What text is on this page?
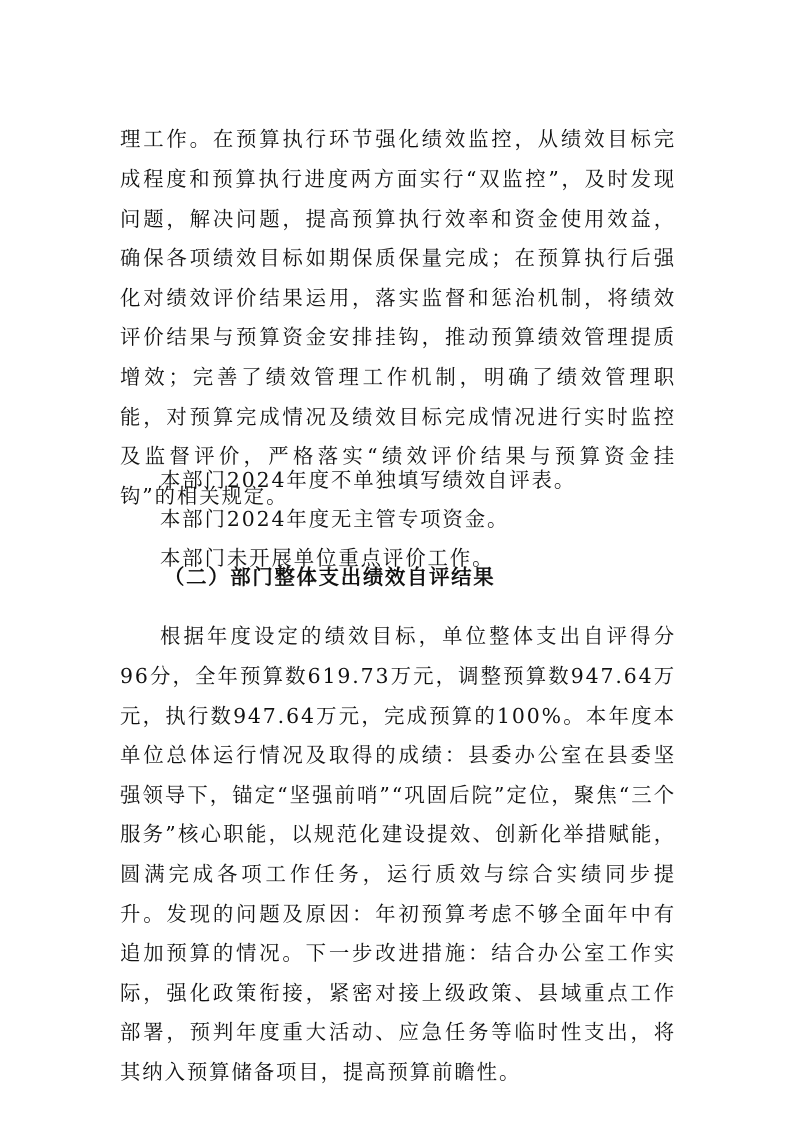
理工作。在预算执行环节强化绩效监控，从绩效目标完成程度和预算执行进度两方面实行“双监控”，及时发现问题，解决问题，提高预算执行效率和资金使用效益，确保各项绩效目标如期保质保量完成；在预算执行后强化对绩效评价结果运用，落实监督和惩治机制，将绩效评价结果与预算资金安排挂钩，推动预算绩效管理提质增效；完善了绩效管理工作机制，明确了绩效管理职能，对预算完成情况及绩效目标完成情况进行实时监控及监督评价，严格落实“绩效评价结果与预算资金挂钩”的相关规定。

本部门2024年度不单独填写绩效自评表。

本部门2024年度无主管专项资金。

本部门未开展单位重点评价工作。

（二）部门整体支出绩效自评结果

根据年度设定的绩效目标，单位整体支出自评得分96分，全年预算数619.73万元，调整预算数947.64万元，执行数947.64万元，完成预算的100%。本年度本单位总体运行情况及取得的成绩：县委办公室在县委坚强领导下，锚定“坚强前哨”“巩固后院”定位，聚焦“三个服务”核心职能，以规范化建设提效、创新化举措赋能，圆满完成各项工作任务，运行质效与综合实绩同步提升。发现的问题及原因：年初预算考虑不够全面年中有追加预算的情况。下一步改进措施：结合办公室工作实际，强化政策衔接，紧密对接上级政策、县域重点工作部署，预判年度重大活动、应急任务等临时性支出，将其纳入预算储备项目，提高预算前瞻性。
